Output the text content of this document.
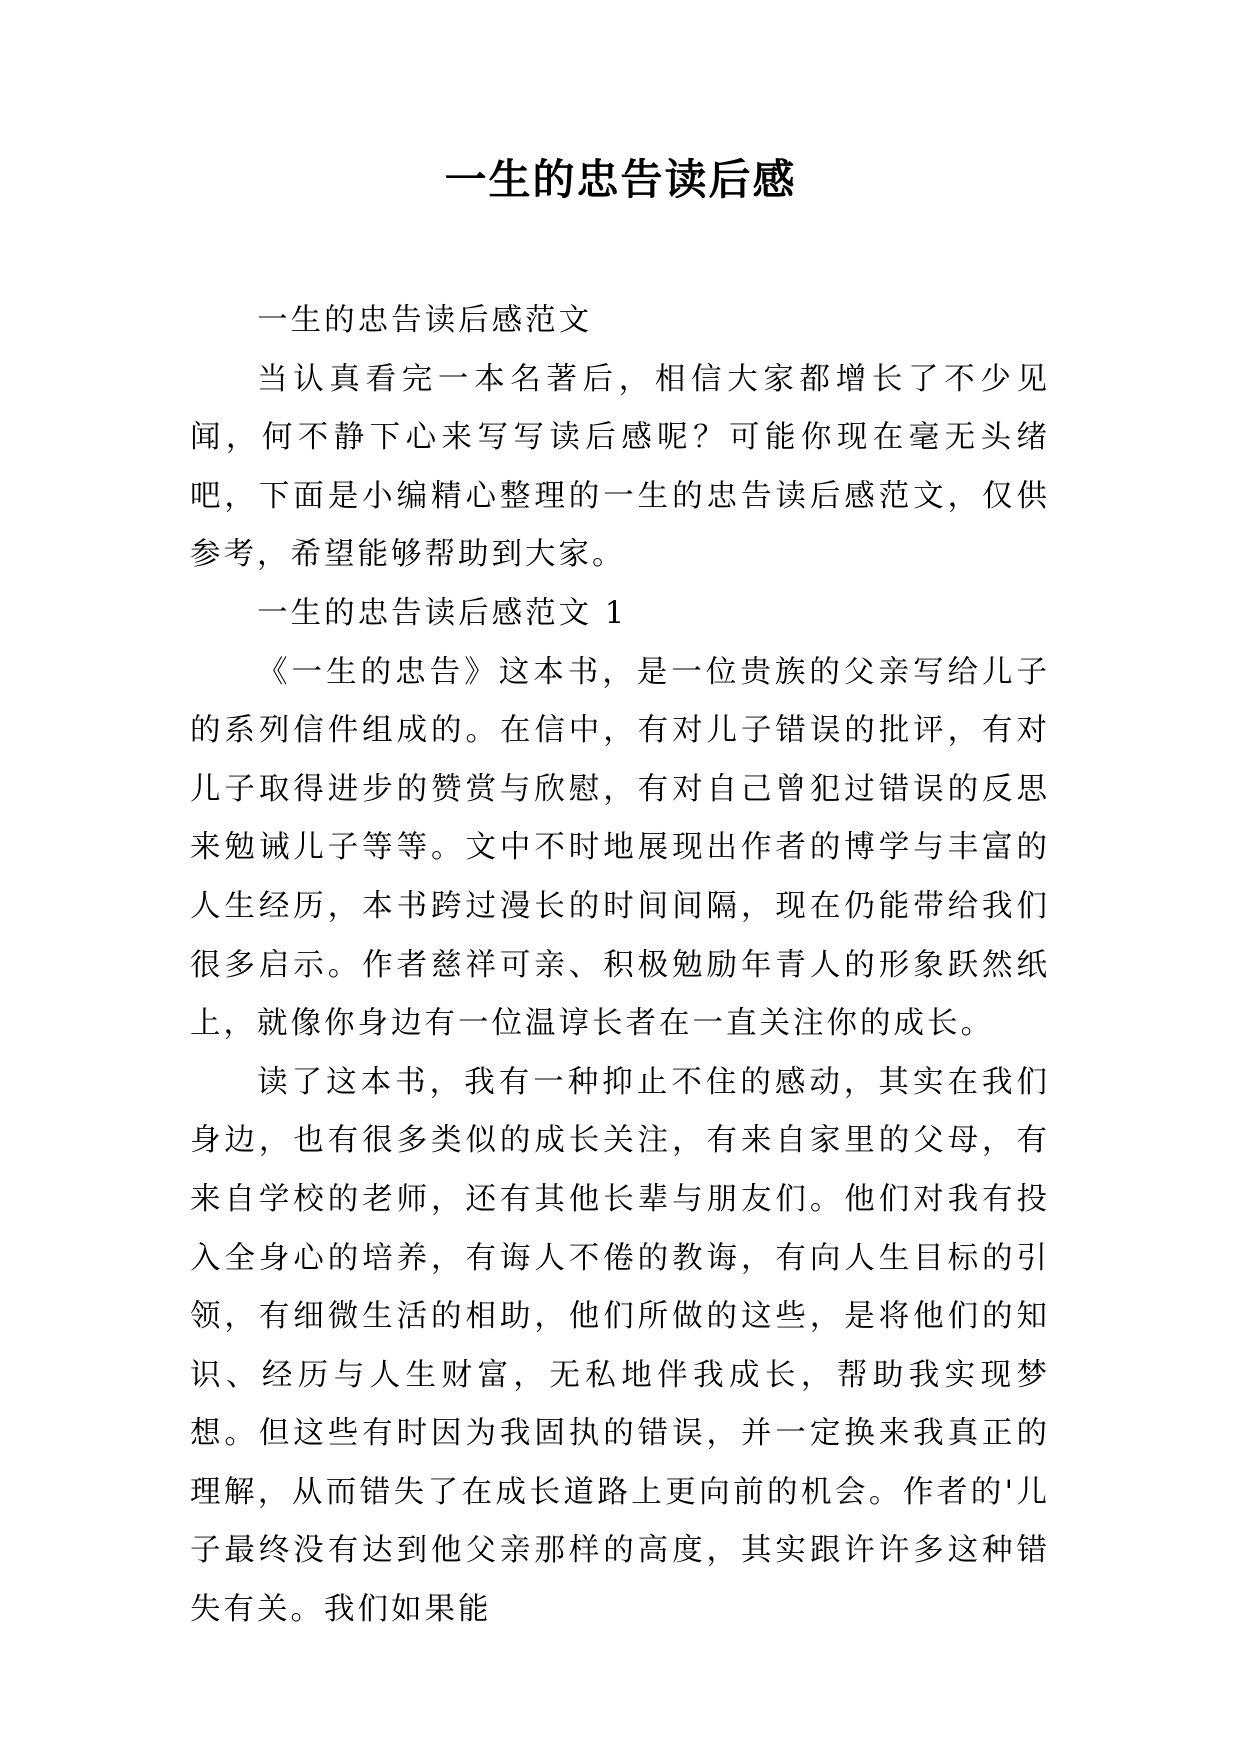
一生的忠告读后感

一生的忠告读后感范文

当认真看完一本名著后，相信大家都增长了不少见闻，何不静下心来写写读后感呢？可能你现在毫无头绪吧，下面是小编精心整理的一生的忠告读后感范文，仅供参考，希望能够帮助到大家。

一生的忠告读后感范文 1

《一生的忠告》这本书，是一位贵族的父亲写给儿子的系列信件组成的。在信中，有对儿子错误的批评，有对儿子取得进步的赞赏与欣慰，有对自己曾犯过错误的反思来勉诫儿子等等。文中不时地展现出作者的博学与丰富的人生经历，本书跨过漫长的时间间隔，现在仍能带给我们很多启示。作者慈祥可亲、积极勉励年青人的形象跃然纸上，就像你身边有一位温谆长者在一直关注你的成长。

读了这本书，我有一种抑止不住的感动，其实在我们身边，也有很多类似的成长关注，有来自家里的父母，有来自学校的老师，还有其他长辈与朋友们。他们对我有投入全身心的培养，有诲人不倦的教诲，有向人生目标的引领，有细微生活的相助，他们所做的这些，是将他们的知识、经历与人生财富，无私地伴我成长，帮助我实现梦想。但这些有时因为我固执的错误，并一定换来我真正的理解，从而错失了在成长道路上更向前的机会。作者的'儿子最终没有达到他父亲那样的高度，其实跟许许多这种错失有关。我们如果能
